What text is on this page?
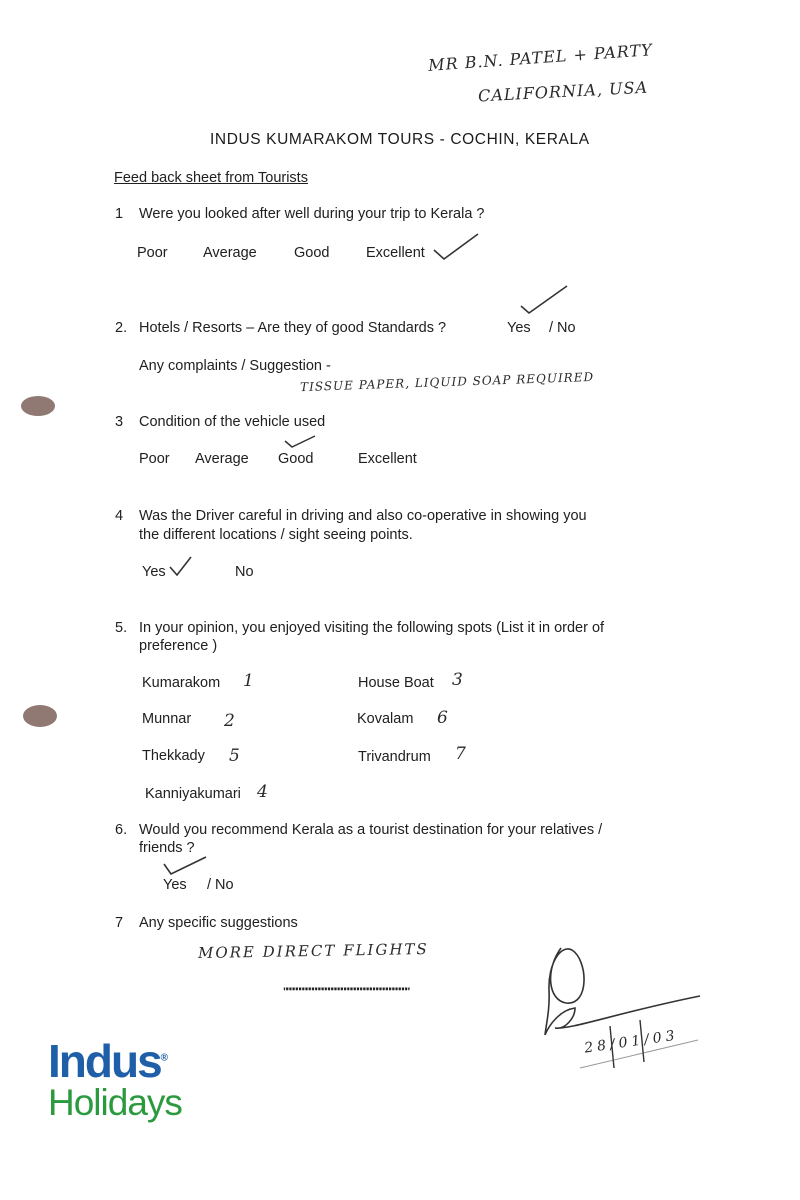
MR B.N. PATEL + PARTY
CALIFORNIA, USA
INDUS KUMARAKOM TOURS - COCHIN, KERALA
Feed back sheet from Tourists
1 Were you looked after well during your trip to Kerala ?
Poor Average	Good	Excellent
2. Hotels / Resorts – Are they of good Standards ?	Yes / No
Any complaints / Suggestion -
TISSUE PAPER, LIQUID SOAP REQUIRED
3 Condition of the vehicle used
Poor Average Good	Excellent
4 Was the Driver careful in driving and also co-operative in showing you
the different locations / sight seeing points.
Yes	No
5. In your opinion, you enjoyed visiting the following spots (List it in order of
preference )
Kumarakom 1	House Boat 3
Munnar 2	Kovalam 6
Thekkady 5	Trivandrum 7
Kanniyakumari 4
6. Would you recommend Kerala as a tourist destination for your relatives /
friends ?
Yes / No
7 Any specific suggestions
MORE DIRECT FLIGHTS
"""""""""""""""""""""""""""""""""""""""
28/01/03
Indus®
Holidays
